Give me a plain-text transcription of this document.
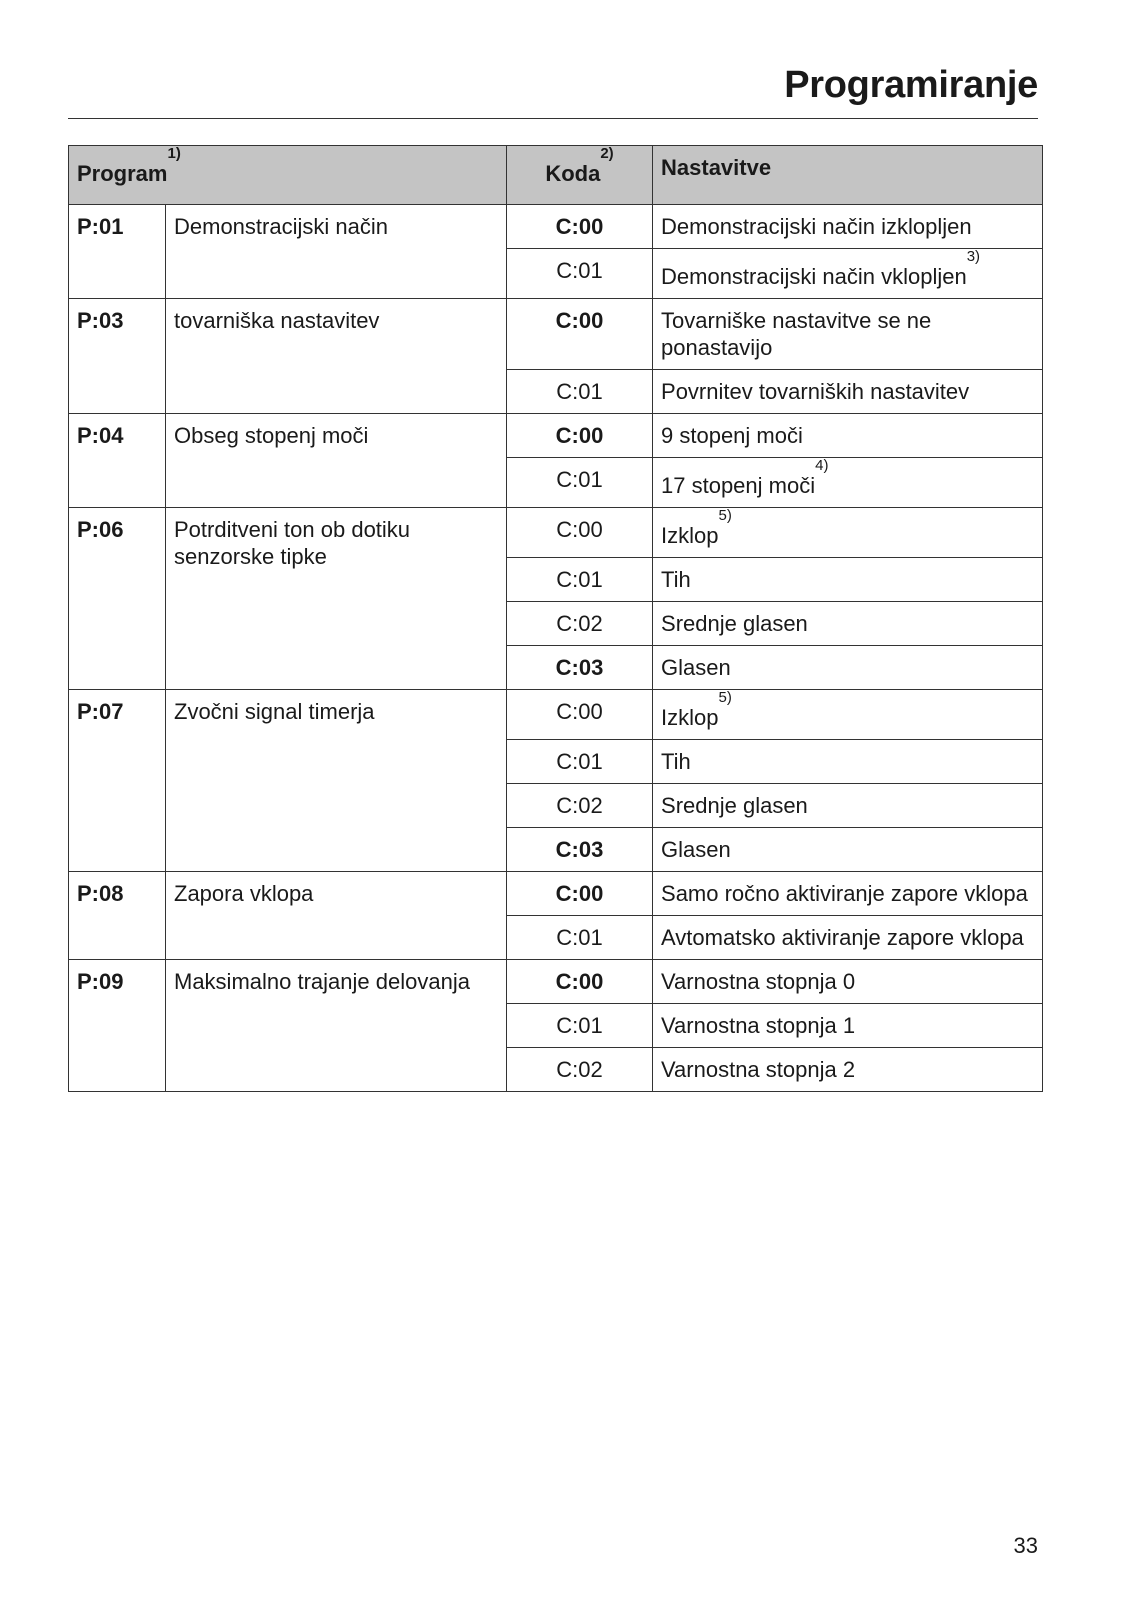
Programiranje
Program$^{1)}$		Koda$^{2)}$	Nastavitve
P:01	Demonstracijski način	C:00	Demonstracijski način izklopljen
		C:01	Demonstracijski način vklopljen$^{3)}$
P:03	tovarniška nastavitev	C:00	Tovarniške nastavitve se ne ponastavijo
		C:01	Povrnitev tovarniških nastavitev
P:04	Obseg stopenj moči	C:00	9 stopenj moči
		C:01	17 stopenj moči$^{4)}$
P:06	Potrditveni ton ob dotiku senzorske tipke	C:00	Izklop$^{5)}$
		C:01	Tih
		C:02	Srednje glasen
		C:03	Glasen
P:07	Zvočni signal timerja	C:00	Izklop$^{5)}$
		C:01	Tih
		C:02	Srednje glasen
		C:03	Glasen
P:08	Zapora vklopa	C:00	Samo ročno aktiviranje zapore vklopa
		C:01	Avtomatsko aktiviranje zapore vklopa
P:09	Maksimalno trajanje delovanja	C:00	Varnostna stopnja 0
		C:01	Varnostna stopnja 1
		C:02	Varnostna stopnja 2
33
